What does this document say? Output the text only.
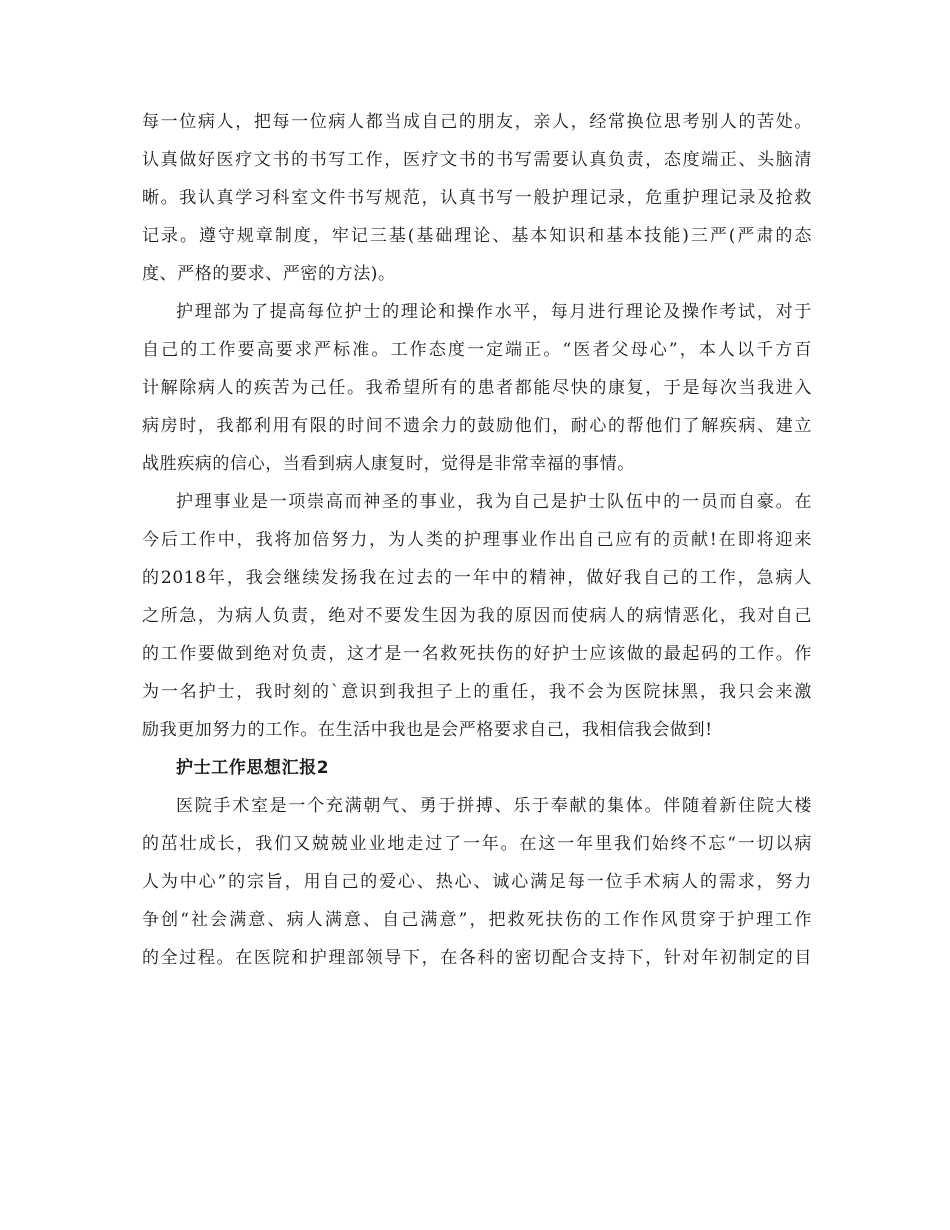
每一位病人，把每一位病人都当成自己的朋友，亲人，经常换位思考别人的苦处。
认真做好医疗文书的书写工作，医疗文书的书写需要认真负责，态度端正、头脑清
晰。我认真学习科室文件书写规范，认真书写一般护理记录，危重护理记录及抢救
记录。遵守规章制度，牢记三基(基础理论、基本知识和基本技能)三严(严肃的态
度、严格的要求、严密的方法)。
护理部为了提高每位护士的理论和操作水平，每月进行理论及操作考试，对于
自己的工作要高要求严标准。工作态度一定端正。“医者父母心”，本人以千方百
计解除病人的疾苦为己任。我希望所有的患者都能尽快的康复，于是每次当我进入
病房时，我都利用有限的时间不遗余力的鼓励他们，耐心的帮他们了解疾病、建立
战胜疾病的信心，当看到病人康复时，觉得是非常幸福的事情。
护理事业是一项崇高而神圣的事业，我为自己是护士队伍中的一员而自豪。在
今后工作中，我将加倍努力，为人类的护理事业作出自己应有的贡献!在即将迎来
的2018年，我会继续发扬我在过去的一年中的精神，做好我自己的工作，急病人
之所急，为病人负责，绝对不要发生因为我的原因而使病人的病情恶化，我对自己
的工作要做到绝对负责，这才是一名救死扶伤的好护士应该做的最起码的工作。作
为一名护士，我时刻的`意识到我担子上的重任，我不会为医院抹黑，我只会来激
励我更加努力的工作。在生活中我也是会严格要求自己，我相信我会做到!
护士工作思想汇报2
医院手术室是一个充满朝气、勇于拼搏、乐于奉献的集体。伴随着新住院大楼
的茁壮成长，我们又兢兢业业地走过了一年。在这一年里我们始终不忘“一切以病
人为中心”的宗旨，用自己的爱心、热心、诚心满足每一位手术病人的需求，努力
争创“社会满意、病人满意、自己满意”，把救死扶伤的工作作风贯穿于护理工作
的全过程。在医院和护理部领导下，在各科的密切配合支持下，针对年初制定的目
